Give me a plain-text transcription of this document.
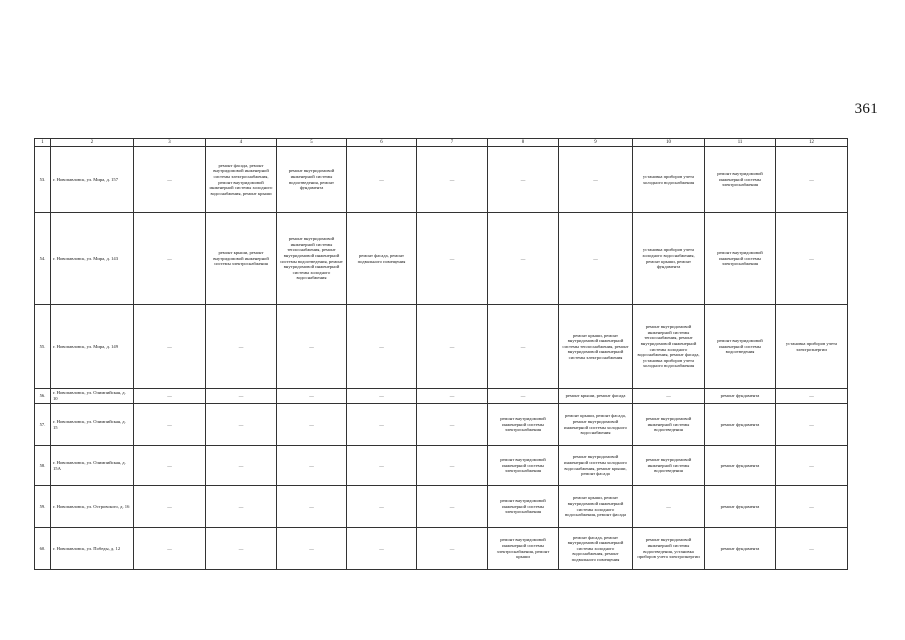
361
1	2	3	4	5	6	7	8	9	10	11	12
53.	г. Новопавловск, ул. Мира, д. 157	—	ремонт фасада, ремонт внутридомовой инженерной системы электроснабжения, ремонт внутридомовой инженерной системы холодного водоснабжения, ремонт крыши	ремонт внутридомовой инженерной системы водоотведения, ремонт фундамента	—	—	—	—	установка приборов учета холодного водоснабжения	ремонт внутридомовой инженерной системы электроснабжения	—
54.	г. Новопавловск, ул. Мира, д. 143	—	ремонт крыши, ремонт внутридомовой инженерной системы электроснабжения	ремонт внутридомовой инженерной системы теплоснабжения, ремонт внутридомовой инженерной системы водоотведения, ремонт внутридомовой инженерной системы холодного водоснабжения	ремонт фасада, ремонт подвального помещения	—	—	—	установка приборов учета холодного водоснабжения, ремонт крыши, ремонт фундамента	ремонт внутридомовой инженерной системы электроснабжения	—
55.	г. Новопавловск, ул. Мира, д. 149	—	—	—	—	—	—	ремонт крыши, ремонт внутридомовой инженерной системы теплоснабжения, ремонт внутридомовой инженерной системы электроснабжения	ремонт внутридомовой инженерной системы теплоснабжения, ремонт внутридомовой инженерной системы холодного водоснабжения, ремонт фасада, установка приборов учета холодного водоснабжения	ремонт внутридомовой инженерной системы водоотведения	установка приборов учета электроэнергии
56.	г. Новопавловск, ул. Олимпийская, д. 10	—	—	—	—	—	—	ремонт крыши, ремонт фасада	—	ремонт фундамента	—
57.	г. Новопавловск, ул. Олимпийская, д. 15	—	—	—	—	—	ремонт внутридомовой инженерной системы электроснабжения	ремонт крыши, ремонт фасада, ремонт внутридомовой инженерной системы холодного водоснабжения	ремонт внутридомовой инженерной системы водоотведения	ремонт фундамента	—
58.	г. Новопавловск, ул. Олимпийская, д. 15А	—	—	—	—	—	ремонт внутридомовой инженерной системы электроснабжения	ремонт внутридомовой инженерной системы холодного водоснабжения, ремонт крыши, ремонт фасада	ремонт внутридомовой инженерной системы водоотведения	ремонт фундамента	—
59.	г. Новопавловск, ул. Островского, д. 16	—	—	—	—	—	ремонт внутридомовой инженерной системы электроснабжения	ремонт крыши, ремонт внутридомовой инженерной системы холодного водоснабжения, ремонт фасада	—	ремонт фундамента	—
60.	г. Новопавловск, ул. Победы, д. 12	—	—	—	—	—	ремонт внутридомовой инженерной системы электроснабжения, ремонт крыши	ремонт фасада, ремонт внутридомовой инженерной системы холодного водоснабжения, ремонт подвального помещения	ремонт внутридомовой инженерной системы водоотведения, установка приборов учета электроэнергии	ремонт фундамента	—
